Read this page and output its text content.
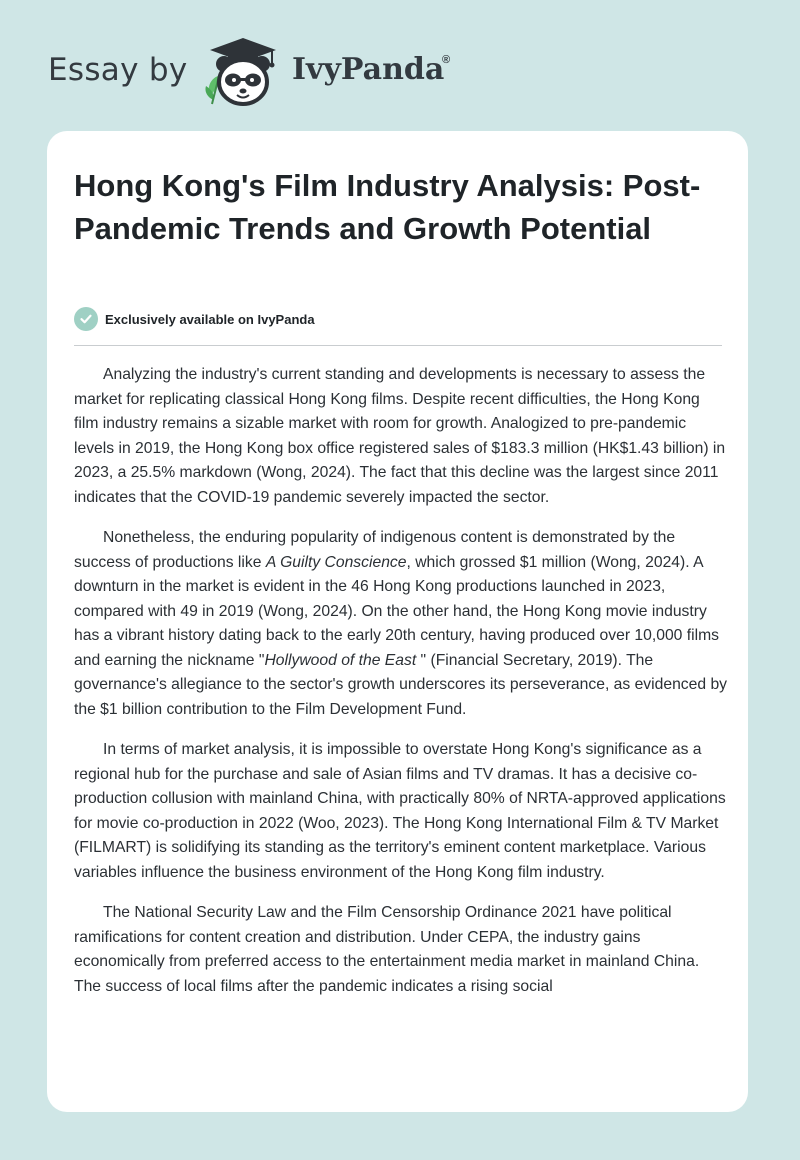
Essay by	IvyPanda
®
Hong Kong's Film Industry Analysis: Post-Pandemic Trends and Growth Potential
Exclusively available on IvyPanda

Analyzing the industry's current standing and developments is necessary to assess the market for replicating classical Hong Kong films. Despite recent difficulties, the Hong Kong film industry remains a sizable market with room for growth. Analogized to pre-pandemic levels in 2019, the Hong Kong box office registered sales of $183.3 million (HK$1.43 billion) in 2023, a 25.5% markdown (Wong, 2024). The fact that this decline was the largest since 2011 indicates that the COVID-19 pandemic severely impacted the sector.

Nonetheless, the enduring popularity of indigenous content is demonstrated by the success of productions like A Guilty Conscience, which grossed $1 million (Wong, 2024). A downturn in the market is evident in the 46 Hong Kong productions launched in 2023, compared with 49 in 2019 (Wong, 2024). On the other hand, the Hong Kong movie industry has a vibrant history dating back to the early 20th century, having produced over 10,000 films and earning the nickname "Hollywood of the East " (Financial Secretary, 2019). The governance's allegiance to the sector's growth underscores its perseverance, as evidenced by the $1 billion contribution to the Film Development Fund.

In terms of market analysis, it is impossible to overstate Hong Kong's significance as a regional hub for the purchase and sale of Asian films and TV dramas. It has a decisive co-production collusion with mainland China, with practically 80% of NRTA-approved applications for movie co-production in 2022 (Woo, 2023). The Hong Kong International Film & TV Market (FILMART) is solidifying its standing as the territory's eminent content marketplace. Various variables influence the business environment of the Hong Kong film industry.

The National Security Law and the Film Censorship Ordinance 2021 have political ramifications for content creation and distribution. Under CEPA, the industry gains economically from preferred access to the entertainment media market in mainland China. The success of local films after the pandemic indicates a rising social
